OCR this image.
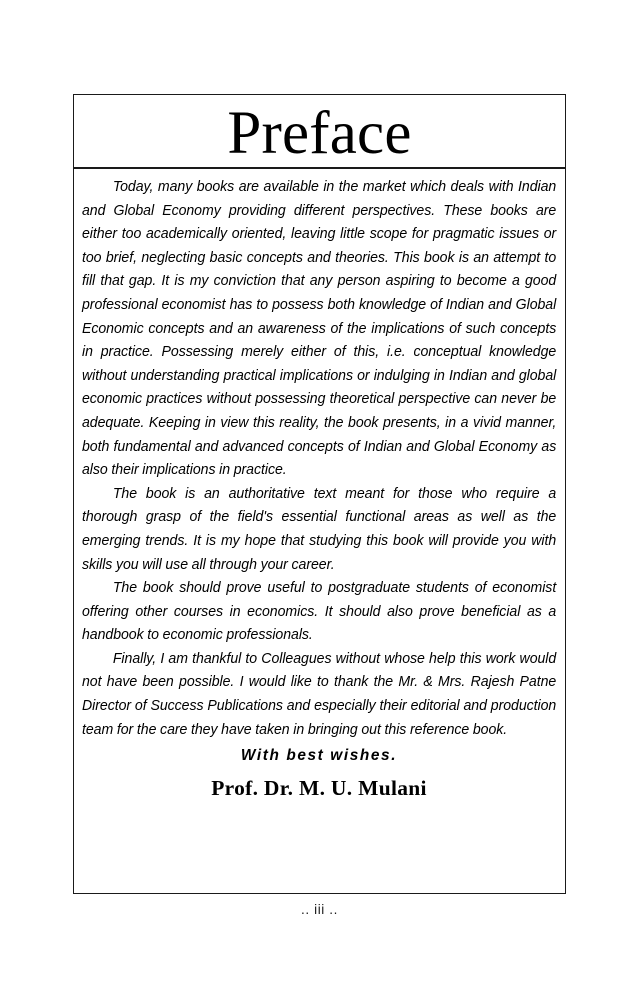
Preface

Today, many books are available in the market which deals with Indian and Global Economy providing different perspectives. These books are either too academically oriented, leaving little scope for pragmatic issues or too brief, neglecting basic concepts and theories. This book is an attempt to fill that gap. It is my conviction that any person aspiring to become a good professional economist has to possess both knowledge of Indian and Global Economic concepts and an awareness of the implications of such concepts in practice. Possessing merely either of this, i.e. conceptual knowledge without understanding practical implications or indulging in Indian and global economic practices without possessing theoretical perspective can never be adequate. Keeping in view this reality, the book presents, in a vivid manner, both fundamental and advanced concepts of Indian and Global Economy as also their implications in practice.

The book is an authoritative text meant for those who require a thorough grasp of the field's essential functional areas as well as the emerging trends. It is my hope that studying this book will provide you with skills you will use all through your career.

The book should prove useful to postgraduate students of economist offering other courses in economics. It should also prove beneficial as a handbook to economic professionals.

Finally, I am thankful to Colleagues without whose help this work would not have been possible. I would like to thank the Mr. & Mrs. Rajesh Patne Director of Success Publications and especially their editorial and production team for the care they have taken in bringing out this reference book.

With best wishes.
Prof. Dr. M. U. Mulani
.. iii ..
